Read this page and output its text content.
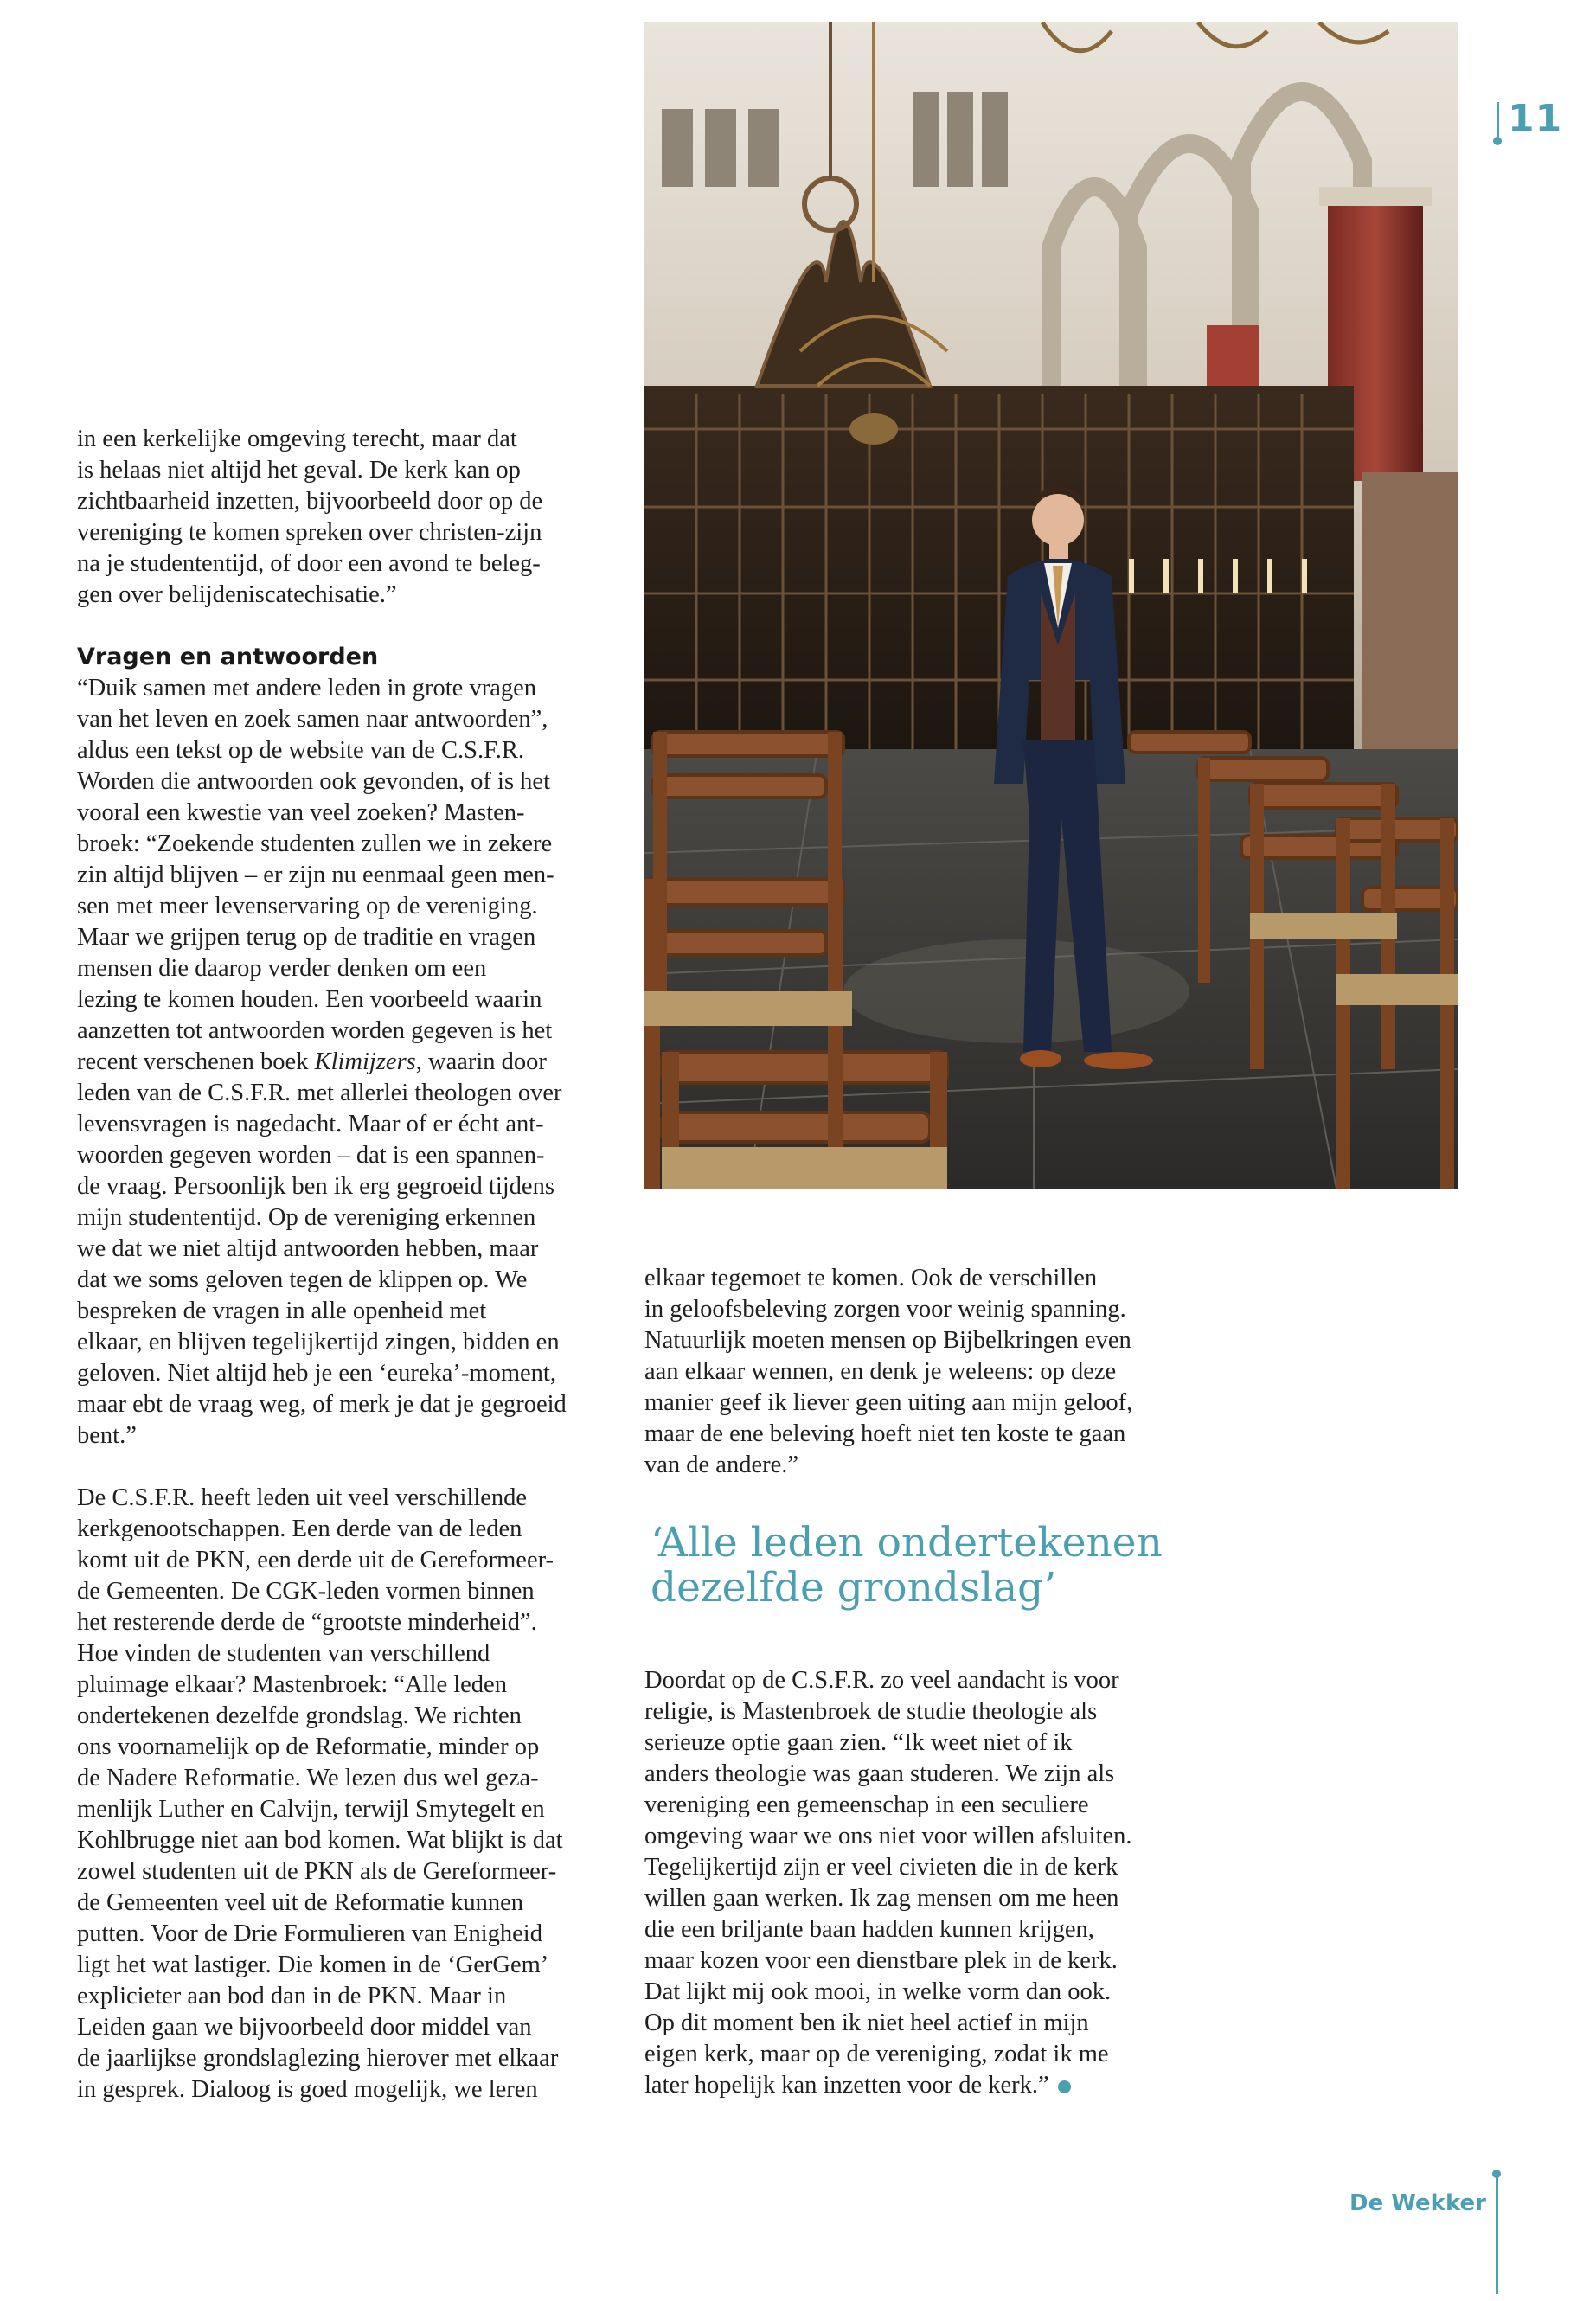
11

in een kerkelijke omgeving terecht, maar dat

is helaas niet altijd het geval. De kerk kan op

zichtbaarheid inzetten, bijvoorbeeld door op de

vereniging te komen spreken over christen-zijn

na je studententijd, of door een avond te beleg-

gen over belijdeniscatechisatie.”

Vragen en antwoorden

“Duik samen met andere leden in grote vragen

van het leven en zoek samen naar antwoorden”,

aldus een tekst op de website van de C.S.F.R.

Worden die antwoorden ook gevonden, of is het

vooral een kwestie van veel zoeken? Masten-

broek: “Zoekende studenten zullen we in zekere

zin altijd blijven – er zijn nu eenmaal geen men-

sen met meer levenservaring op de vereniging.

Maar we grijpen terug op de traditie en vragen

mensen die daarop verder denken om een

lezing te komen houden. Een voorbeeld waarin

aanzetten tot antwoorden worden gegeven is het

recent verschenen boek Klimijzers, waarin door

leden van de C.S.F.R. met allerlei theologen over

levensvragen is nagedacht. Maar of er écht ant-

woorden gegeven worden – dat is een spannen-

de vraag. Persoonlijk ben ik erg gegroeid tijdens

mijn studententijd. Op de vereniging erkennen

we dat we niet altijd antwoorden hebben, maar

dat we soms geloven tegen de klippen op. We

bespreken de vragen in alle openheid met

elkaar, en blijven tegelijkertijd zingen, bidden en

geloven. Niet altijd heb je een ‘eureka’-moment,

maar ebt de vraag weg, of merk je dat je gegroeid

bent.”

De C.S.F.R. heeft leden uit veel verschillende

kerkgenootschappen. Een derde van de leden

komt uit de PKN, een derde uit de Gereformeer-

de Gemeenten. De CGK-leden vormen binnen

het resterende derde de “grootste minderheid”.

Hoe vinden de studenten van verschillend

pluimage elkaar? Mastenbroek: “Alle leden

ondertekenen dezelfde grondslag. We richten

ons voornamelijk op de Reformatie, minder op

de Nadere Reformatie. We lezen dus wel geza-

menlijk Luther en Calvijn, terwijl Smytegelt en

Kohlbrugge niet aan bod komen. Wat blijkt is dat

zowel studenten uit de PKN als de Gereformeer-

de Gemeenten veel uit de Reformatie kunnen

putten. Voor de Drie Formulieren van Enigheid

ligt het wat lastiger. Die komen in de ‘GerGem’

explicieter aan bod dan in de PKN. Maar in

Leiden gaan we bijvoorbeeld door middel van

de jaarlijkse grondslaglezing hierover met elkaar

in gesprek. Dialoog is goed mogelijk, we leren

elkaar tegemoet te komen. Ook de verschillen

in geloofsbeleving zorgen voor weinig spanning.

Natuurlijk moeten mensen op Bijbelkringen even

aan elkaar wennen, en denk je weleens: op deze

manier geef ik liever geen uiting aan mijn geloof,

maar de ene beleving hoeft niet ten koste te gaan

van de andere.”

‘Alle leden ondertekenen
dezelfde grondslag’

Doordat op de C.S.F.R. zo veel aandacht is voor

religie, is Mastenbroek de studie theologie als

serieuze optie gaan zien. “Ik weet niet of ik

anders theologie was gaan studeren. We zijn als

vereniging een gemeenschap in een seculiere

omgeving waar we ons niet voor willen afsluiten.

Tegelijkertijd zijn er veel civieten die in de kerk

willen gaan werken. Ik zag mensen om me heen

die een briljante baan hadden kunnen krijgen,

maar kozen voor een dienstbare plek in de kerk.

Dat lijkt mij ook mooi, in welke vorm dan ook.

Op dit moment ben ik niet heel actief in mijn

eigen kerk, maar op de vereniging, zodat ik me

later hopelijk kan inzetten voor de kerk.”

De Wekker
